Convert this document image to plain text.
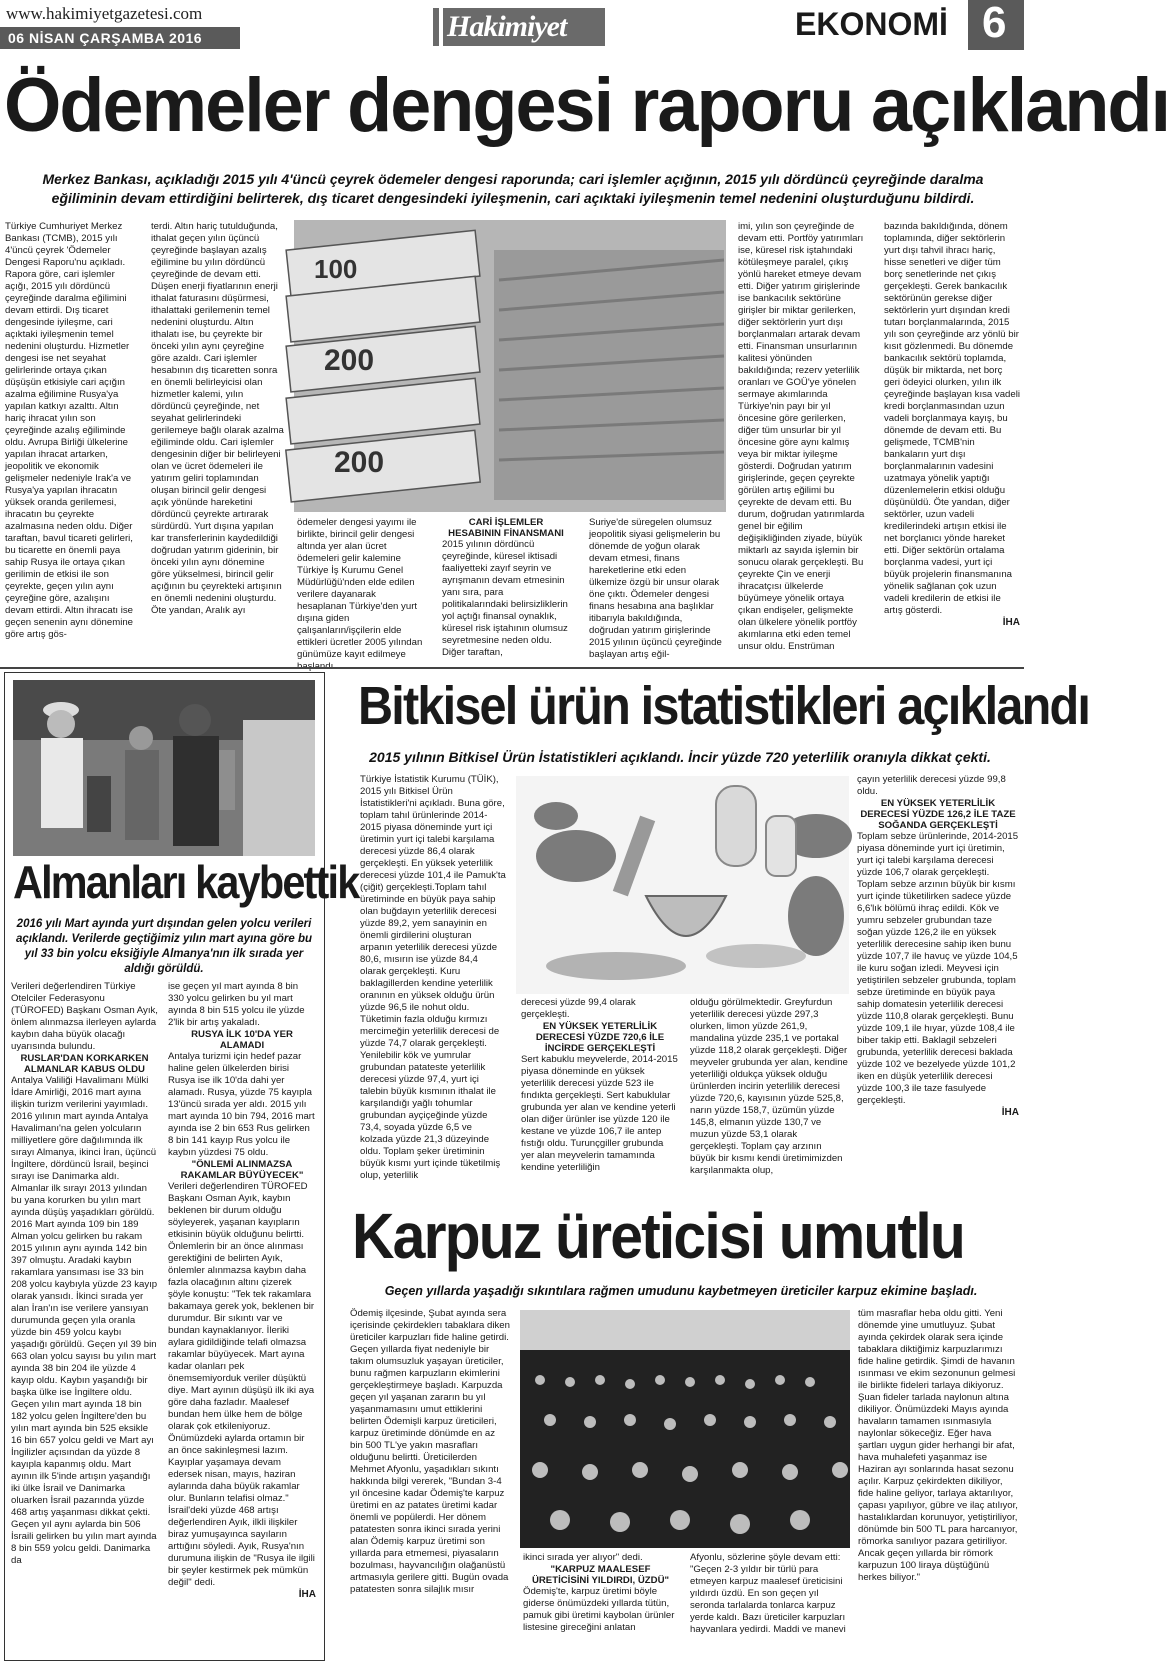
www.hakimiyetgazetesi.com
06 NİSAN ÇARŞAMBA 2016	Hakimiyet	EKONOMİ 6
Ödemeler dengesi raporu açıklandı
Merkez Bankası, açıkladığı 2015 yılı 4'üncü çeyrek ödemeler dengesi raporunda; cari işlemler açığının, 2015 yılı dördüncü çeyreğinde daralma eğiliminin devam ettirdiğini belirterek, dış ticaret dengesindeki iyileşmenin, cari açıktaki iyileşmenin temel nedenini oluşturduğunu bildirdi.
Türkiye Cumhuriyet Merkez Bankası (TCMB), 2015 yılı 4'üncü çeyrek 'Ödemeler Dengesi Raporu'nu açıkladı. Rapora göre, cari işlemler açığı, 2015 yılı dördüncü çeyreğinde daralma eğilimini devam ettirdi. Dış ticaret dengesinde iyileşme, cari açıktaki iyileşmenin temel nedenini oluşturdu. Hizmetler dengesi ise net seyahat gelirlerinde ortaya çıkan düşüşün etkisiyle cari açığın azalma eğilimine Rusya'ya yapılan katkıyı azalttı. Altın hariç ihracat yılın son çeyreğinde azalış eğiliminde oldu. Avrupa Birliği ülkelerine yapılan ihracat artarken, jeopolitik ve ekonomik gelişmeler nedeniyle Irak'a ve Rusya'ya yapılan ihracatın yüksek oranda gerilemesi, ihracatın bu çeyrekte azalmasına neden oldu. Diğer taraftan, bavul ticareti gelirleri, bu ticarette en önemli paya sahip Rusya ile ortaya çıkan gerilimin de etkisi ile son çeyrekte, geçen yılın aynı çeyreğine göre, azalışını devam ettirdi. Altın ihracatı ise geçen senenin aynı dönemine göre artış gös-
terdi. Altın hariç tutulduğunda, ithalat geçen yılın üçüncü çeyreğinde başlayan azalış eğilimine bu yılın dördüncü çeyreğinde de devam etti. Düşen enerji fiyatlarının enerji ithalat faturasını düşürmesi, ithalattaki gerilemenin temel nedenini oluşturdu. Altın ithalatı ise, bu çeyrekte bir önceki yılın aynı çeyreğine göre azaldı. Cari işlemler hesabının dış ticaretten sonra en önemli belirleyicisi olan hizmetler kalemi, yılın dördüncü çeyreğinde, net seyahat gelirlerindeki gerilemeye bağlı olarak azalma eğiliminde oldu. Cari işlemler dengesinin diğer bir belirleyeni olan ve ücret ödemeleri ile yatırım geliri toplamından oluşan birincil gelir dengesi açık yönünde hareketini dördüncü çeyrekte artırarak sürdürdü. Yurt dışına yapılan kar transferlerinin kaydedildiği doğrudan yatırım giderinin, bir önceki yılın aynı dönemine göre yükselmesi, birincil gelir açığının bu çeyrekteki artışının en önemli nedenini oluşturdu. Öte yandan, Aralık ayı
100
200
200
ödemeler dengesi yayımı ile birlikte, birincil gelir dengesi altında yer alan ücret ödemeleri gelir kalemine Türkiye İş Kurumu Genel Müdürlüğü'nden elde edilen verilere dayanarak hesaplanan Türkiye'den yurt dışına giden çalışanların/işçilerin elde ettikleri ücretler 2005 yılından günümüze kayıt edilmeye
CARİ İŞLEMLER HESABININ FİNANSMANI

2015 yılının dördüncü çeyreğinde, küresel iktisadi faaliyetteki zayıf seyrin ve ayrışmanın devam etmesinin yanı sıra, para politikalarındaki belirsizliklerin yol açtığı finansal oynaklık, küresel risk iştahının olumsuz seyretmesine neden oldu. Diğer taraftan,

Suriye'de süregelen olumsuz jeopolitik siyasi gelişmelerin bu dönemde de yoğun olarak devam etmesi, finans hareketlerine etki eden ülkemize özgü bir unsur olarak öne çıktı. Ödemeler dengesi finans hesabına ana başlıklar itibarıyla bakıldığında, doğrudan yatırım girişlerinde 2015 yılının üçüncü çeyreğinde başlayan artış eğil-
imi, yılın son çeyreğinde de devam etti. Portföy yatırımları ise, küresel risk iştahındaki kötüleşmeye paralel, çıkış yönlü hareket etmeye devam etti. Diğer yatırım girişlerinde ise bankacılık sektörüne girişler bir miktar gerilerken, diğer sektörlerin yurt dışı borçlanmaları artarak devam etti. Finansman unsurlarının kalitesi yönünden bakıldığında; rezerv yeterlilik oranları ve GOÜ'ye yönelen sermaye akımlarında Türkiye'nin payı bir yıl öncesine göre gerilerken, diğer tüm unsurlar bir yıl öncesine göre aynı kalmış veya bir miktar iyileşme gösterdi. Doğrudan yatırım girişlerinde, geçen çeyrekte görülen artış eğilimi bu çeyrekte de devam etti. Bu durum, doğrudan yatırımlarda genel bir eğilim değişikliğinden ziyade, büyük miktarlı az sayıda işlemin bir sonucu olarak gerçekleşti. Bu çeyrekte Çin ve enerji ihracatçısı ülkelerde büyümeye yönelik ortaya çıkan endişeler, gelişmekte olan ülkelere yönelik portföy akımlarına etki eden temel unsur oldu. Enstrüman

bazında bakıldığında, dönem toplamında, diğer sektörlerin yurt dışı tahvil ihracı hariç, hisse senetleri ve diğer tüm borç senetlerinde net çıkış gerçekleşti. Gerek bankacılık sektörünün gerekse diğer sektörlerin yurt dışından kredi tutarı borçlanmalarında, 2015 yılı son çeyreğinde arz yönlü bir kısıt gözlenmedi. Bu dönemde bankacılık sektörü toplamda, düşük bir miktarda, net borç geri ödeyici olurken, yılın ilk çeyreğinde başlayan kısa vadeli kredi borçlanmasından uzun vadeli borçlanmaya kayış, bu dönemde de devam etti. Bu gelişmede, TCMB'nin bankaların yurt dışı borçlanmalarının vadesini uzatmaya yönelik yaptığı düzenlemelerin etkisi olduğu düşünüldü. Öte yandan, diğer sektörler, uzun vadeli kredilerindeki artışın etkisi ile net borçlanıcı yönde hareket etti. Diğer sektörün ortalama borçlanma vadesi, yurt içi büyük projelerin finansmanına yönelik sağlanan çok uzun vadeli kredilerin de etkisi ile artış gösterdi.

İHA
Almanları kaybettik
2016 yılı Mart ayında yurt dışından gelen yolcu verileri açıklandı. Verilerde geçtiğimiz yılın mart ayına göre bu yıl 33 bin yolcu eksiğiyle Almanya'nın ilk sırada yer aldığı görüldü.

Verileri değerlendiren Türkiye Otelciler Federasyonu (TÜROFED) Başkanı Osman Ayık, önlem alınmazsa ilerleyen aylarda kaybın daha büyük olacağı uyarısında bulundu.

RUSLAR'DAN KORKARKEN ALMANLAR KABUS OLDU

Antalya Valiliği Havalimanı Mülki İdare Amirliği, 2016 mart ayına ilişkin turizm verilerini yayımladı. 2016 yılının mart ayında Antalya Havalimanı'na gelen yolcuların milliyetlere göre dağılımında ilk sırayı Almanya, ikinci İran, üçüncü İngiltere, dördüncü İsrail, beşinci sırayı ise Danimarka aldı. Almanlar ilk sırayı 2013 yılından bu yana korurken bu yılın mart ayında düşüş yaşadıkları görüldü. 2016 Mart ayında 109 bin 189 Alman yolcu gelirken bu rakam 2015 yılının aynı ayında 142 bin 397 olmuştu. Aradaki kaybın rakamlara yansıması ise 33 bin 208 yolcu kaybıyla yüzde 23 kayıp olarak yansıdı. İkinci sırada yer alan İran'ın ise verilere yansıyan durumunda geçen yıla oranla yüzde bin 459 yolcu kaybı yaşadığı görüldü. Geçen yıl 39 bin 663 olan yolcu sayısı bu yılın mart ayında 38 bin 204 ile yüzde 4 kayıp oldu. Kaybın yaşandığı bir başka ülke ise İngiltere oldu. Geçen yılın mart ayında 18 bin 182 yolcu gelen İngiltere'den bu yılın mart ayında bin 525 eksikle 16 bin 657 yolcu geldi ve Mart ayı İngilizler açısından da yüzde 8 kayıpla kapanmış oldu. Mart ayının ilk 5'inde artışın yaşandığı iki ülke İsrail ve Danimarka oluarken İsrail pazarında yüzde 468 artış yaşanması dikkat çekti. Geçen yıl aynı aylarda bin 506 İsraili gelirken bu yılın mart ayında 8 bin 559 yolcu geldi. Danimarka da

ise geçen yıl mart ayında 8 bin 330 yolcu gelirken bu yıl mart ayında 8 bin 515 yolcu ile yüzde 2'lik bir artış yakaladı.

RUSYA İLK 10'DA YER ALAMADI

Antalya turizmi için hedef pazar haline gelen ülkelerden birisi Rusya ise ilk 10'da dahi yer alamadı. Rusya, yüzde 75 kayıpla 13'üncü sırada yer aldı. 2015 yılı mart ayında 10 bin 794, 2016 mart ayında ise 2 bin 653 Rus gelirken 8 bin 141 kayıp Rus yolcu ile kaybın yüzdesi 75 oldu.

"ÖNLEMİ ALINMAZSA RAKAMLAR BÜYÜYECEK"

Verileri değerlendiren TÜROFED Başkanı Osman Ayık, kaybın beklenen bir durum olduğu söyleyerek, yaşanan kayıpların etkisinin büyük olduğunu belirtti. Önlemlerin bir an önce alınması gerektiğini de belirten Ayık, önlemler alınmazsa kaybın daha fazla olacağının altını çizerek şöyle konuştu: "Tek tek rakamlara bakamaya gerek yok, beklenen bir durumdur. Bir sıkıntı var ve bundan kaynaklanıyor. İleriki aylara gidildiğinde telafi olmazsa rakamlar büyüyecek. Mart ayına kadar olanları pek önemsemiyorduk veriler düşüktü diye. Mart ayının düşüşü ilk iki aya göre daha fazladır. Maalesef bundan hem ülke hem de bölge olarak çok etkileniyoruz. Önümüzdeki aylarda ortamın bir an önce sakinleşmesi lazım. Kayıplar yaşamaya devam edersek nisan, mayıs, haziran aylarında daha büyük rakamlar olur. Bunların telafisi olmaz." İsrail'deki yüzde 468 artışı değerlendiren Ayık, ilkli ilişkiler biraz yumuşayınca sayıların arttığını söyledi. Ayık, Rusya'nın durumuna ilişkin de "Rusya ile ilgili bir şeyler kestirmek pek mümkün değil" dedi.

İHA
Bitkisel ürün istatistikleri açıklandı
2015 yılının Bitkisel Ürün İstatistikleri açıklandı. İncir yüzde 720 yeterlilik oranıyla dikkat çekti.
Türkiye İstatistik Kurumu (TÜİK), 2015 yılı Bitkisel Ürün İstatistikleri'ni açıkladı. Buna göre, toplam tahıl ürünlerinde 2014-2015 piyasa döneminde yurt içi üretimin yurt içi talebi karşılama derecesi yüzde 86,4 olarak gerçekleşti. En yüksek yeterlilik derecesi yüzde 101,4 ile Pamuk'ta (çiğit) gerçekleşti.Toplam tahıl üretiminde en büyük paya sahip olan buğdayın yeterlilik derecesi yüzde 89,2, yem sanayinin en önemli girdilerini oluşturan arpanın yeterlilik derecesi yüzde 80,6, mısırın ise yüzde 84,4 olarak gerçekleşti. Kuru baklagillerden kendine yeterlilik oranının en yüksek olduğu ürün yüzde 96,5 ile nohut oldu. Tüketimin fazla olduğu kırmızı mercimeğin yeterlilik derecesi de yüzde 74,7 olarak gerçekleşti. Yenilebilir kök ve yumrular grubundan patateste yeterlilik derecesi yüzde 97,4, yurt içi talebin büyük kısmının ithalat ile karşılandığı yağlı tohumlar grubundan ayçiçeğinde yüzde 73,4, soyada yüzde 6,5 ve kolzada yüzde 21,3 düzeyinde oldu. Toplam şeker üretiminin büyük kısmı yurt içinde tüketilmiş olup, yeterlilik

derecesi yüzde 99,4 olarak gerçekleşti.

EN YÜKSEK YETERLİLİK DERECESİ YÜZDE 720,6 İLE İNCİRDE GERÇEKLEŞTİ

Sert kabuklu meyvelerde, 2014-2015 piyasa döneminde en yüksek yeterlilik derecesi yüzde 523 ile fındıkta gerçekleşti. Sert kabuklular grubunda yer alan ve kendine yeterli olan diğer ürünler ise yüzde 120 ile kestane ve yüzde 106,7 ile antep fıstığı oldu. Turunçgiller grubunda yer alan meyvelerin tamamında kendine yeterliliğin

olduğu görülmektedir. Greyfurdun yeterlilik derecesi yüzde 297,3 olurken, limon yüzde 261,9, mandalina yüzde 235,1 ve portakal yüzde 118,2 olarak gerçekleşti. Diğer meyveler grubunda yer alan, kendine yeterliliği oldukça yüksek olduğu ürünlerden incirin yeterlilik derecesi yüzde 720,6, kayısının yüzde 525,8, narın yüzde 158,7, üzümün yüzde 145,8, elmanın yüzde 130,7 ve muzun yüzde 53,1 olarak gerçekleşti. Toplam çay arzının büyük bir kısmı kendi üretimimizden karşılanmakta olup,

çayın yeterlilik derecesi yüzde 99,8 oldu.

EN YÜKSEK YETERLİLİK DERECESİ YÜZDE 126,2 İLE TAZE SOĞANDA GERÇEKLEŞTİ

Toplam sebze ürünlerinde, 2014-2015 piyasa döneminde yurt içi üretimin, yurt içi talebi karşılama derecesi yüzde 106,7 olarak gerçekleşti. Toplam sebze arzının büyük bir kısmı yurt içinde tüketilirken sadece yüzde 6,6'lık bölümü ihraç edildi. Kök ve yumru sebzeler grubundan taze soğan yüzde 126,2 ile en yüksek yeterlilik derecesine sahip iken bunu yüzde 107,7 ile havuç ve yüzde 104,5 ile kuru soğan izledi. Meyvesi için yetiştirilen sebzeler grubunda, toplam sebze üretiminde en büyük paya sahip domatesin yeterlilik derecesi yüzde 110,8 olarak gerçekleşti. Bunu yüzde 109,1 ile hıyar, yüzde 108,4 ile biber takip etti. Baklagil sebzeleri grubunda, yeterlilik derecesi baklada yüzde 102 ve bezelyede yüzde 101,2 iken en düşük yeterlilik derecesi yüzde 100,3 ile taze fasulyede gerçekleşti.

İHA
Karpuz üreticisi umutlu
Geçen yıllarda yaşadığı sıkıntılara rağmen umudunu kaybetmeyen üreticiler karpuz ekimine başladı.
Ödemiş ilçesinde, Şubat ayında sera içerisinde çekirdeklerı tabaklara diken üreticiler karpuzları fide haline getirdi. Geçen yıllarda fiyat nedeniyle bir takım olumsuzluk yaşayan üreticiler, bunu rağmen karpuzların ekimlerini gerçekleştirmeye başladı. Karpuzda geçen yıl yaşanan zararın bu yıl yaşanmamasını umut ettiklerini belirten Ödemişli karpuz üreticileri, karpuz üretiminde dönümde en az bin 500 TL'ye yakın masrafları olduğunu belirtti. Üreticilerden Mehmet Afyonlu, yaşadıkları sıkıntı hakkında bilgi vererek, "Bundan 3-4 yıl öncesine kadar Ödemiş'te karpuz üretimi en az patates üretimi kadar önemli ve popülerdi. Her dönem patatesten sonra ikinci sırada yerini alan Ödemiş karpuz üretimi son yıllarda para etmemesi, piyasaların bozulması, hayvancılığın olağanüstü artmasıyla gerilere gitti. Bugün ovada patatesten sonra silajlık mısır

ikinci sırada yer alıyor" dedi.

"KARPUZ MAALESEF ÜRETİCİSİNİ YILDIRDI, ÜZDÜ"

Ödemiş'te, karpuz üretimi böyle giderse önümüzdeki yıllarda tütün, pamuk gibi üretimi kaybolan ürünler listesine gireceğini anlatan

Afyonlu, sözlerine şöyle devam etti: "Geçen 2-3 yıldır bir türlü para etmeyen karpuz maalesef üreticisini yıldırdı üzdü. En son geçen yıl seronda tarlalarda tonlarca karpuz yerde kaldı. Bazı üreticiler karpuzları hayvanlara yedirdi. Maddi ve manevi
tüm masraflar heba oldu gitti. Yeni dönemde yine umutluyuz. Şubat ayında çekirdek olarak sera içinde tabaklara diktiğimiz karpuzlarımızı fide haline getirdik. Şimdi de havanın ısınması ve ekim sezonunun gelmesi ile birlikte fideleri tarlaya dikiyoruz. Şuan fideler tarlada naylonun altına dikiliyor. Önümüzdeki Mayıs ayında havaların tamamen ısınmasıyla naylonlar sökeceğiz. Eğer hava şartları uygun gider herhangi bir afat, hava muhalefeti yaşanmaz ise Haziran ayı sonlarında hasat sezonu açılır. Karpuz çekirdekten dikiliyor, fide haline geliyor, tarlaya aktarılıyor, çapası yapılıyor, gübre ve ilaç atılıyor, hastalıklardan korunuyor, yetiştiriliyor, dönümde bin 500 TL para harcanıyor, römorka sanılıyor pazara getiriliyor. Ancak geçen yıllarda bir römork karpuzun 100 liraya düştüğünü herkes biliyor."
